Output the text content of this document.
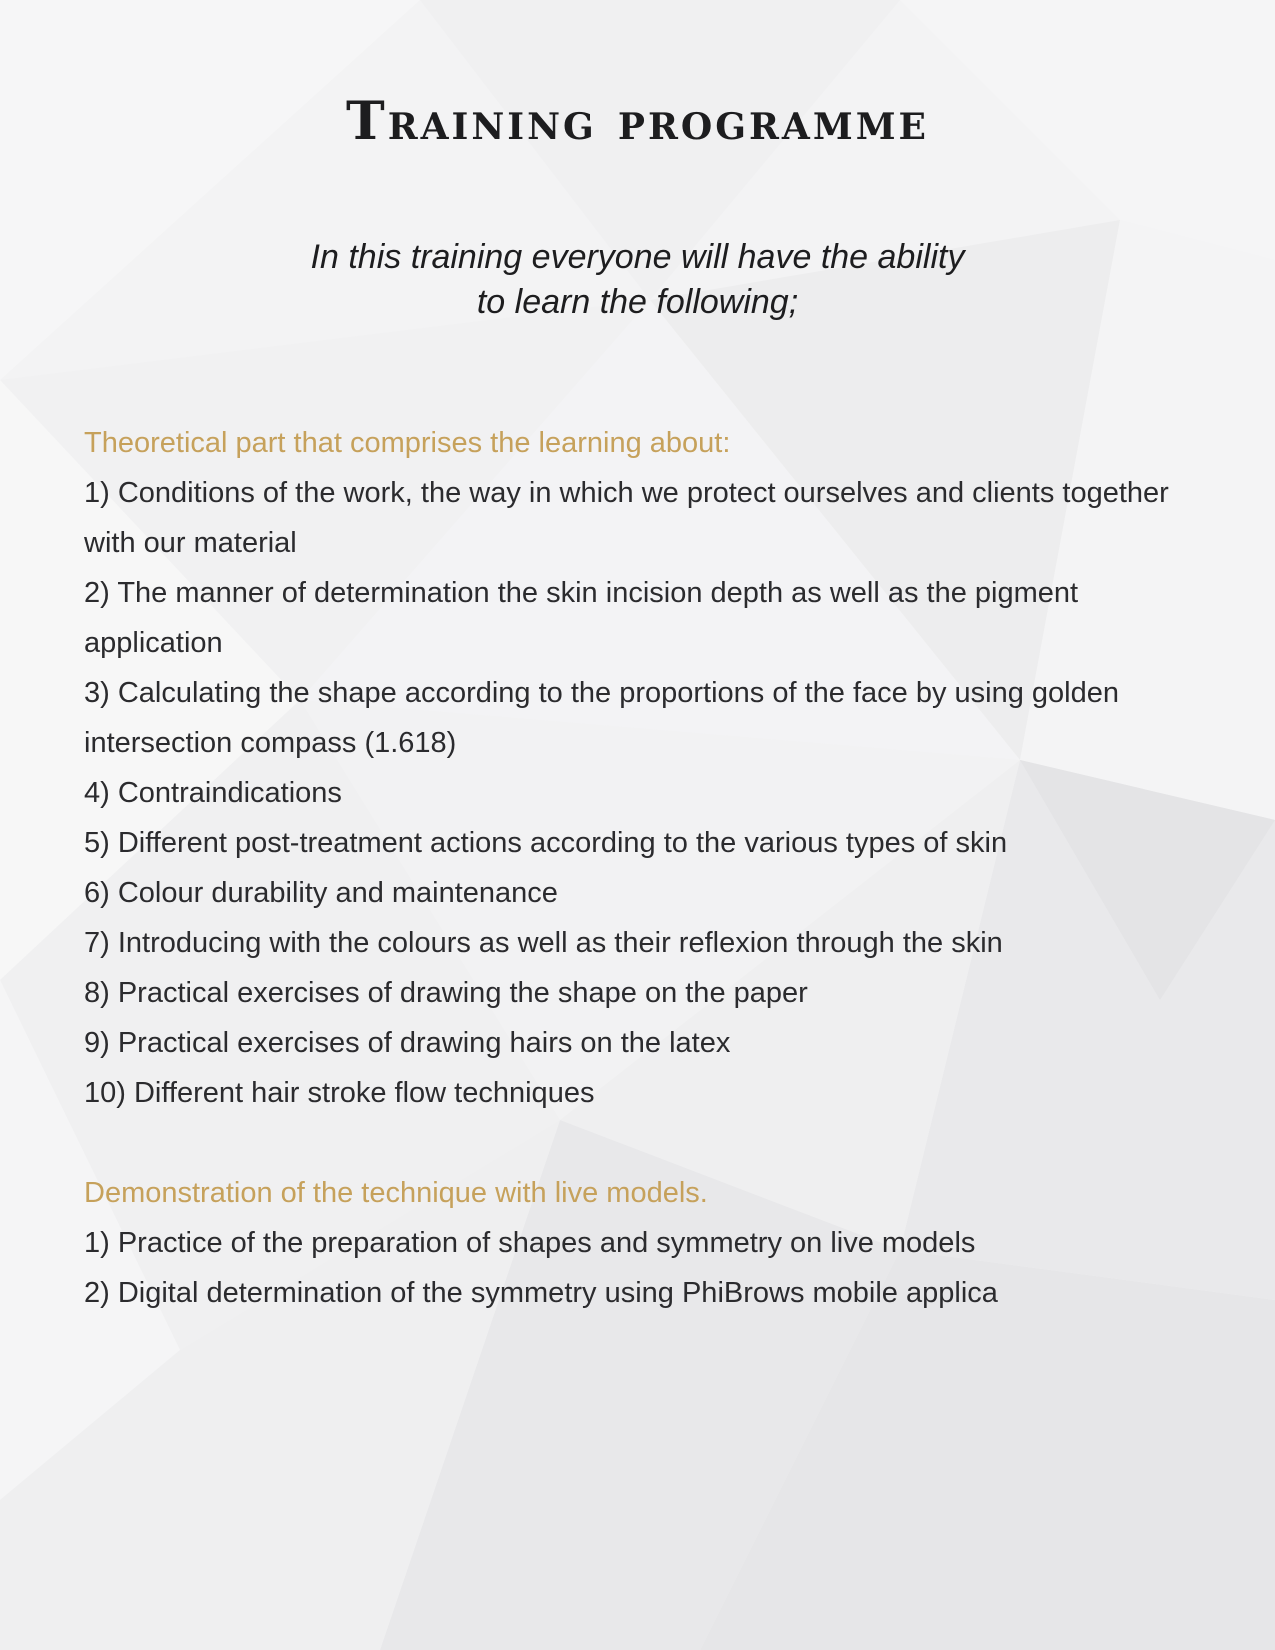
Training programme
In this training everyone will have the ability
to learn the following;
Theoretical part that comprises the learning about:
1) Conditions of the work, the way in which we protect ourselves and clients together with our material
2) The manner of determination the skin incision depth as well as the pigment application
3) Calculating the shape according to the proportions of the face by using golden intersection compass (1.618)
4) Contraindications
5) Different post-treatment actions according to the various types of skin
6) Colour durability and maintenance
7) Introducing with the colours as well as their reflexion through the skin
8) Practical exercises of drawing the shape on the paper
9) Practical exercises of drawing hairs on the latex
10) Different hair stroke flow techniques
Demonstration of the technique with live models.
1) Practice of the preparation of shapes and symmetry on live models
2) Digital determination of the symmetry using PhiBrows mobile applica
